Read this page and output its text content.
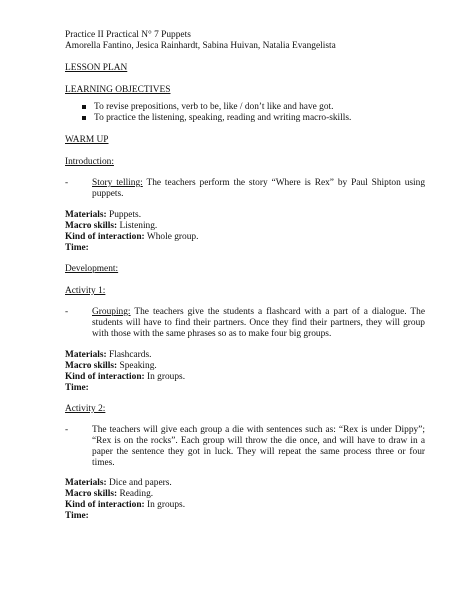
Practice II Practical N° 7 Puppets
Amorella Fantino, Jesica Rainhardt, Sabina Huivan, Natalia Evangelista
LESSON PLAN
LEARNING OBJECTIVES
To revise prepositions, verb to be, like / don’t like and have got.
To practice the listening, speaking, reading and writing macro-skills.
WARM UP
Introduction:
-	Story telling: The teachers perform the story “Where is Rex” by Paul Shipton using puppets.
Materials: Puppets.
Macro skills: Listening.
Kind of interaction: Whole group.
Time:
Development:
Activity 1:
-	Grouping: The teachers give the students a flashcard with a part of a dialogue. The students will have to find their partners. Once they find their partners, they will group with those with the same phrases so as to make four big groups.
Materials: Flashcards.
Macro skills: Speaking.
Kind of interaction: In groups.
Time:
Activity 2:
-	The teachers will give each group a die with sentences such as: “Rex is under Dippy”; “Rex is on the rocks”. Each group will throw the die once, and will have to draw in a paper the sentence they got in luck. They will repeat the same process three or four times.
Materials: Dice and papers.
Macro skills: Reading.
Kind of interaction: In groups.
Time:
